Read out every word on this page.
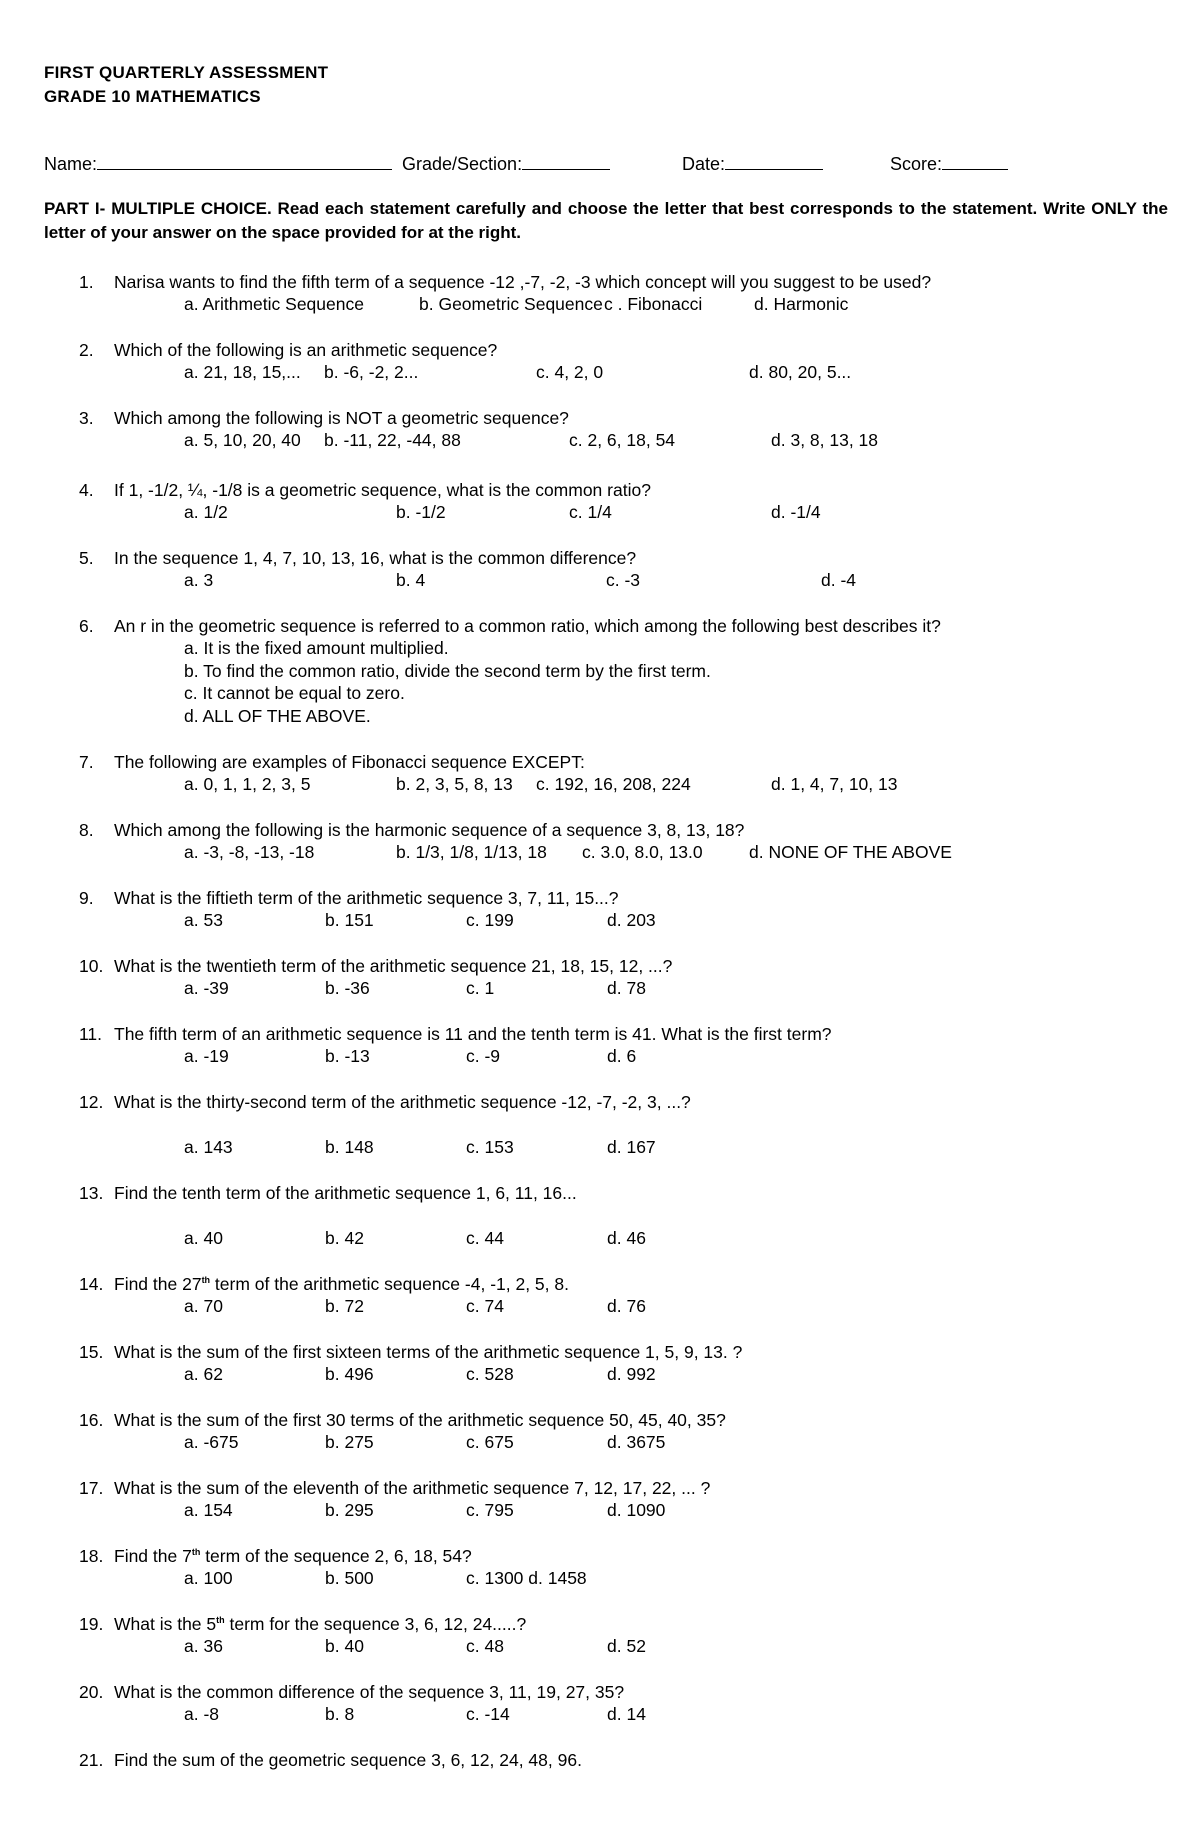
FIRST QUARTERLY ASSESSMENT
GRADE 10 MATHEMATICS
Name:	Grade/Section:	Date:	Score:
PART I- MULTIPLE CHOICE. Read each statement carefully and choose the letter that best corresponds to the statement. Write ONLY the letter of your answer on the space provided for at the right.
1. Narisa wants to find the fifth term of a sequence -12 ,-7, -2, -3 which concept will you suggest to be used?
a. Arithmetic Sequence	b. Geometric Sequence c . Fibonacci	d. Harmonic
2. Which of the following is an arithmetic sequence?
a. 21, 18, 15,... b. -6, -2, 2...	c. 4, 2, 0	d. 80, 20, 5...
3. Which among the following is NOT a geometric sequence?
a. 5, 10, 20, 40 b. -11, 22, -44, 88	c. 2, 6, 18, 54	d. 3, 8, 13, 18
4. If 1, -1/2, ¼, -1/8 is a geometric sequence, what is the common ratio?
a. 1/2	b. -1/2	c. 1/4	d. -1/4
5. In the sequence 1, 4, 7, 10, 13, 16, what is the common difference?
a. 3	b. 4	c. -3	d. -4
6. An r in the geometric sequence is referred to a common ratio, which among the following best describes it?
a. It is the fixed amount multiplied.
b. To find the common ratio, divide the second term by the first term.
c. It cannot be equal to zero.
d. ALL OF THE ABOVE.
7. The following are examples of Fibonacci sequence EXCEPT:
a. 0, 1, 1, 2, 3, 5	b. 2, 3, 5, 8, 13 c. 192, 16, 208, 224	d. 1, 4, 7, 10, 13
8. Which among the following is the harmonic sequence of a sequence 3, 8, 13, 18?
a. -3, -8, -13, -18	b. 1/3, 1/8, 1/13, 18 c. 3.0, 8.0, 13.0	d. NONE OF THE ABOVE
9. What is the fiftieth term of the arithmetic sequence 3, 7, 11, 15...?
a. 53	b. 151	c. 199	d. 203
10. What is the twentieth term of the arithmetic sequence 21, 18, 15, 12, ...?
a. -39	b. -36	c. 1	d. 78
11. The fifth term of an arithmetic sequence is 11 and the tenth term is 41. What is the first term?
a. -19	b. -13	c. -9	d. 6
12. What is the thirty-second term of the arithmetic sequence -12, -7, -2, 3, ...?
a. 143	b. 148	c. 153	d. 167
13. Find the tenth term of the arithmetic sequence 1, 6, 11, 16...
a. 40	b. 42	c. 44	d. 46
14. Find the 27th term of the arithmetic sequence -4, -1, 2, 5, 8.
a. 70	b. 72	c. 74	d. 76
15. What is the sum of the first sixteen terms of the arithmetic sequence 1, 5, 9, 13. ?
a. 62	b. 496	c. 528	d. 992
16. What is the sum of the first 30 terms of the arithmetic sequence 50, 45, 40, 35?
a. -675	b. 275	c. 675	d. 3675
17. What is the sum of the eleventh of the arithmetic sequence 7, 12, 17, 22, ... ?
a. 154	b. 295	c. 795	d. 1090
18. Find the 7th term of the sequence 2, 6, 18, 54?
a. 100	b. 500	c. 1300 d. 1458
19. What is the 5th term for the sequence 3, 6, 12, 24.....?
a. 36	b. 40	c. 48	d. 52
20. What is the common difference of the sequence 3, 11, 19, 27, 35?
a. -8	b. 8	c. -14	d. 14
21. Find the sum of the geometric sequence 3, 6, 12, 24, 48, 96.
